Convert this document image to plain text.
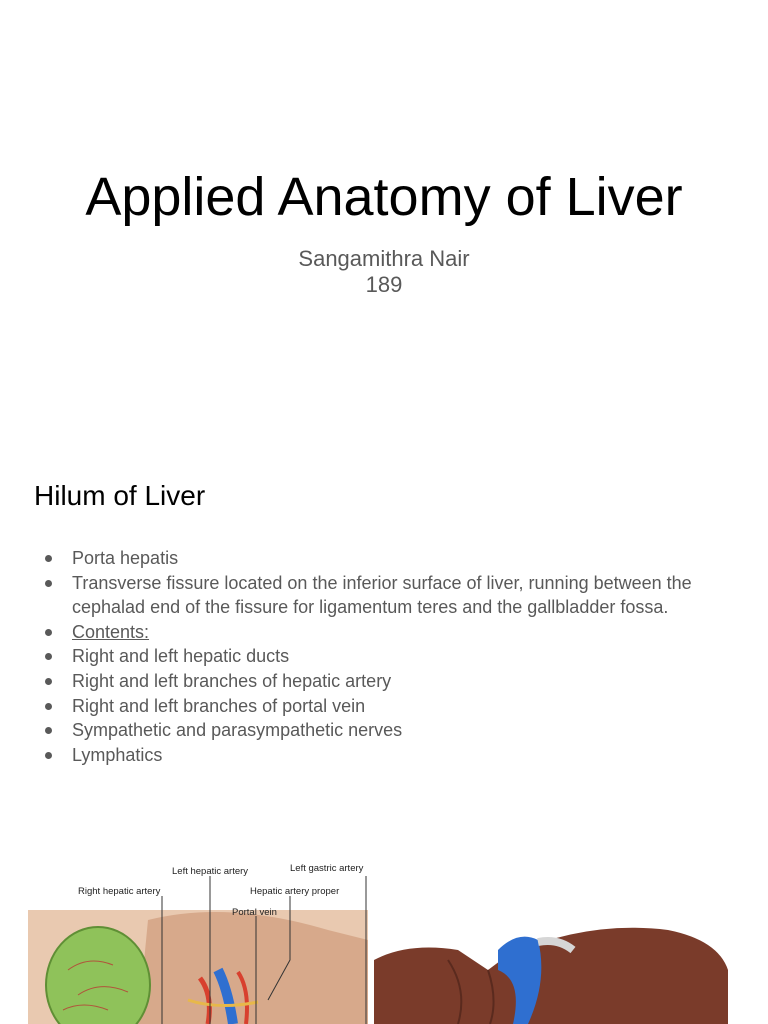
Applied Anatomy of Liver
Sangamithra Nair
189
Hilum of Liver
Porta hepatis
Transverse fissure located on the inferior surface of liver, running between the cephalad end of the fissure for ligamentum teres and the gallbladder fossa.
Contents:
Right and left hepatic ducts
Right and left branches of hepatic artery
Right and left branches of portal vein
Sympathetic and parasympathetic nerves
Lymphatics
Left hepatic artery	Left gastric artery
Right hepatic artery	Hepatic artery proper
Portal vein
